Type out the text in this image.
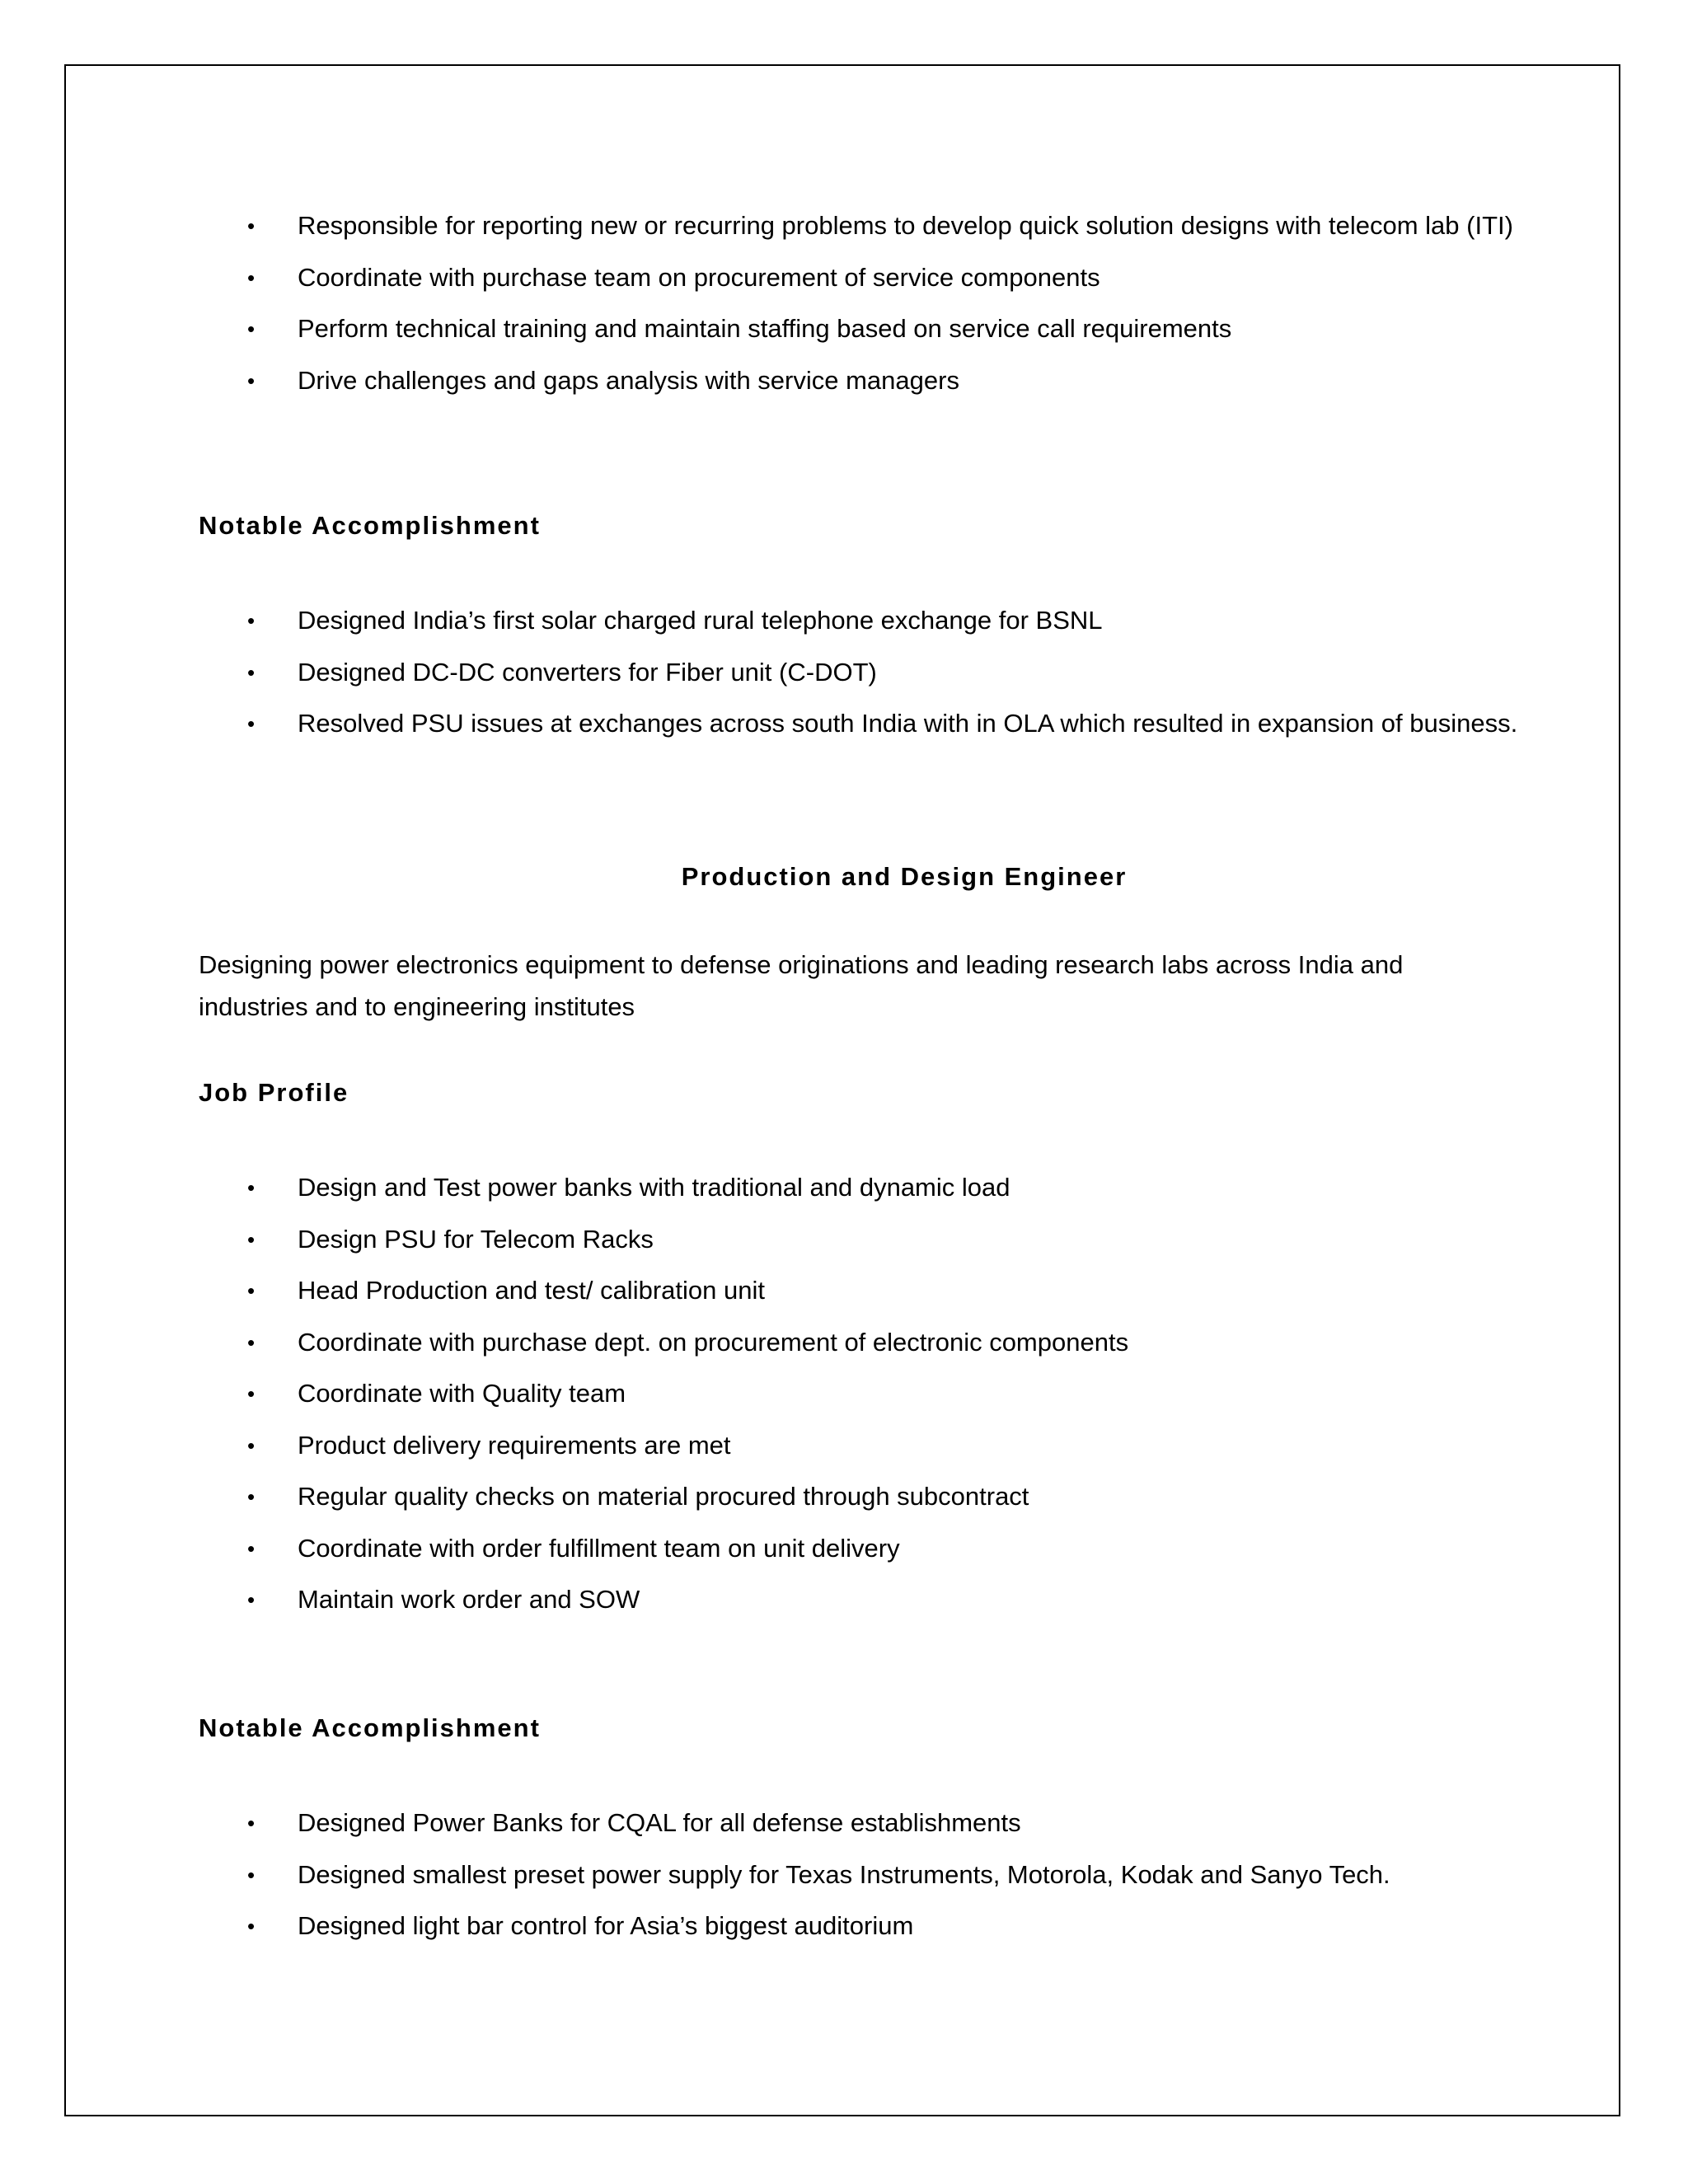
•	Responsible for reporting new or recurring problems to develop quick solution designs with telecom lab (ITI)
•	Coordinate with purchase team on procurement of service components
•	Perform technical training and maintain staffing based on service call requirements
•	Drive challenges and gaps analysis with service managers
Notable Accomplishment
•	Designed India’s first solar charged rural telephone exchange for BSNL
•	Designed DC-DC converters for Fiber unit (C-DOT)
•	Resolved PSU issues at exchanges across south India with in OLA which resulted in expansion of business.
Production and Design Engineer

Designing power electronics equipment to defense originations and leading research labs across India and industries and to engineering institutes

Job Profile
•	Design and Test power banks with traditional and dynamic load
•	Design PSU for Telecom Racks
•	Head Production and test/ calibration unit
•	Coordinate with purchase dept. on procurement of electronic components
•	Coordinate with Quality team
•	Product delivery requirements are met
•	Regular quality checks on material procured through subcontract
•	Coordinate with order fulfillment team on unit delivery
•	Maintain work order and SOW
Notable Accomplishment
•	Designed Power Banks for CQAL for all defense establishments
•	Designed smallest preset power supply for Texas Instruments, Motorola, Kodak and Sanyo Tech.
•	Designed light bar control for Asia’s biggest auditorium
